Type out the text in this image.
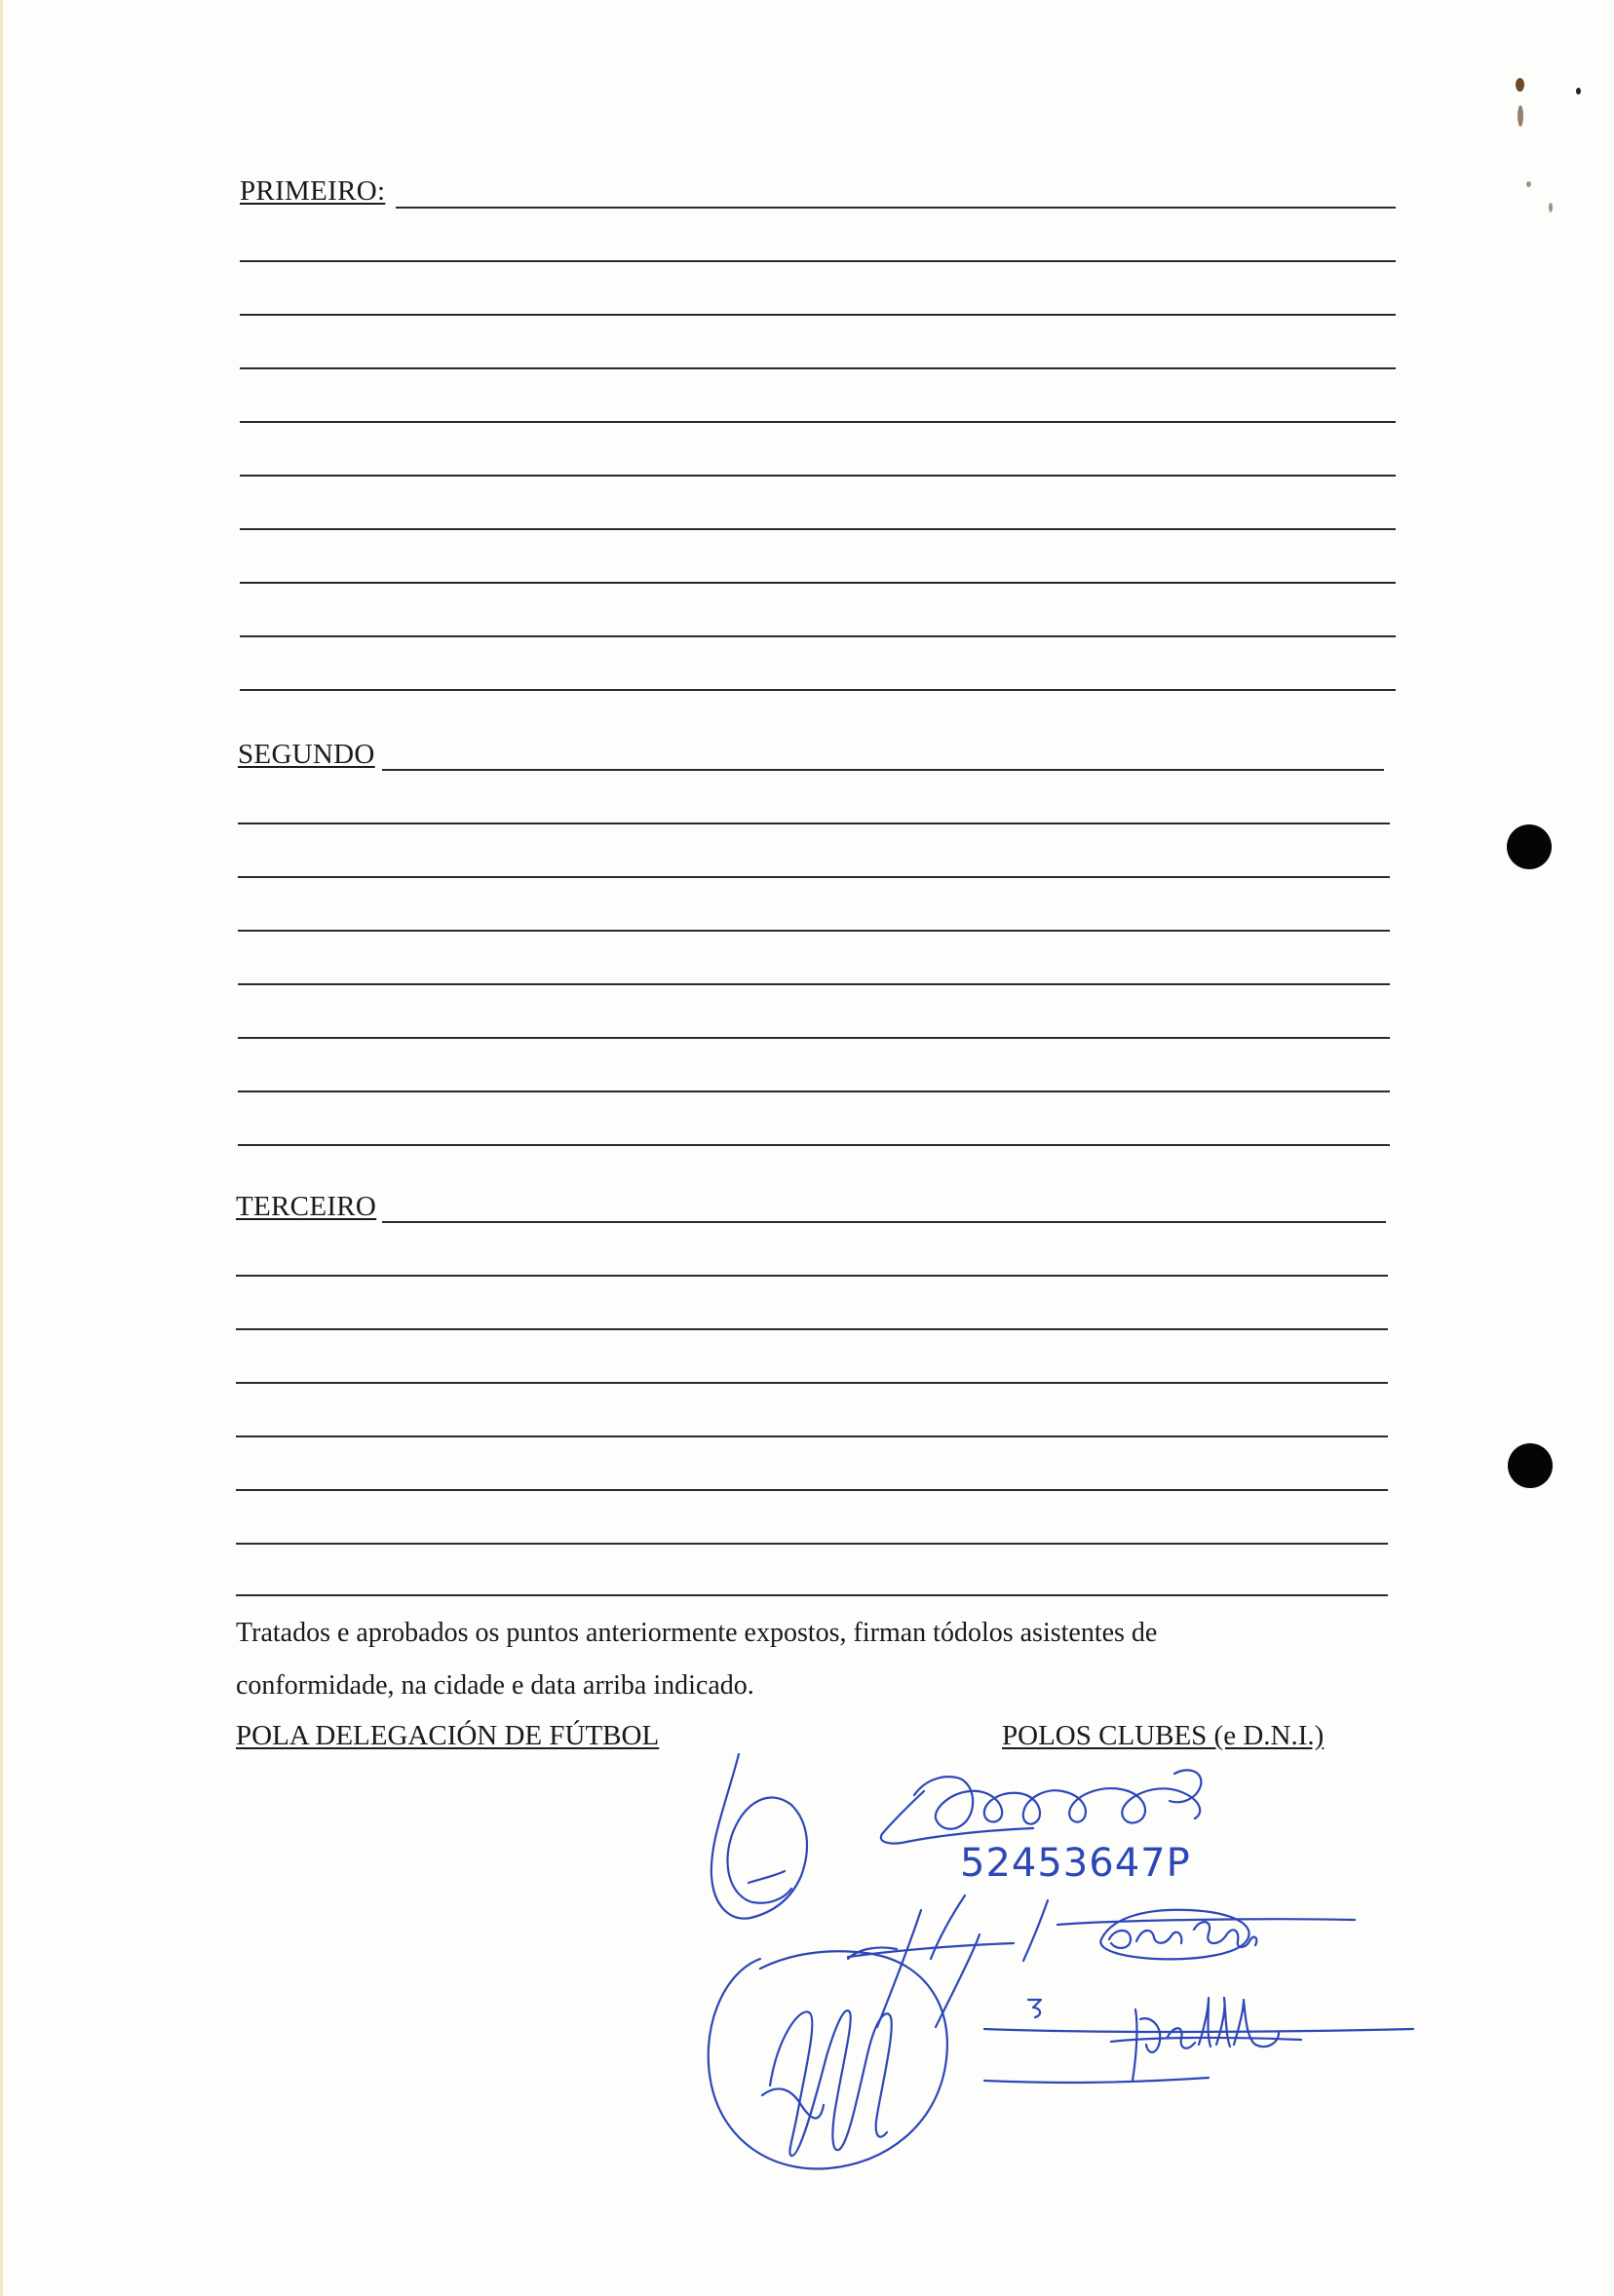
PRIMEIRO:
SEGUNDO
TERCEIRO
Tratados e aprobados os puntos anteriormente expostos, firman tódolos asistentes de
conformidade, na cidade e data arriba indicado.
POLA DELEGACIÓN DE FÚTBOL	POLOS CLUBES (e D.N.I.)
52453647P
